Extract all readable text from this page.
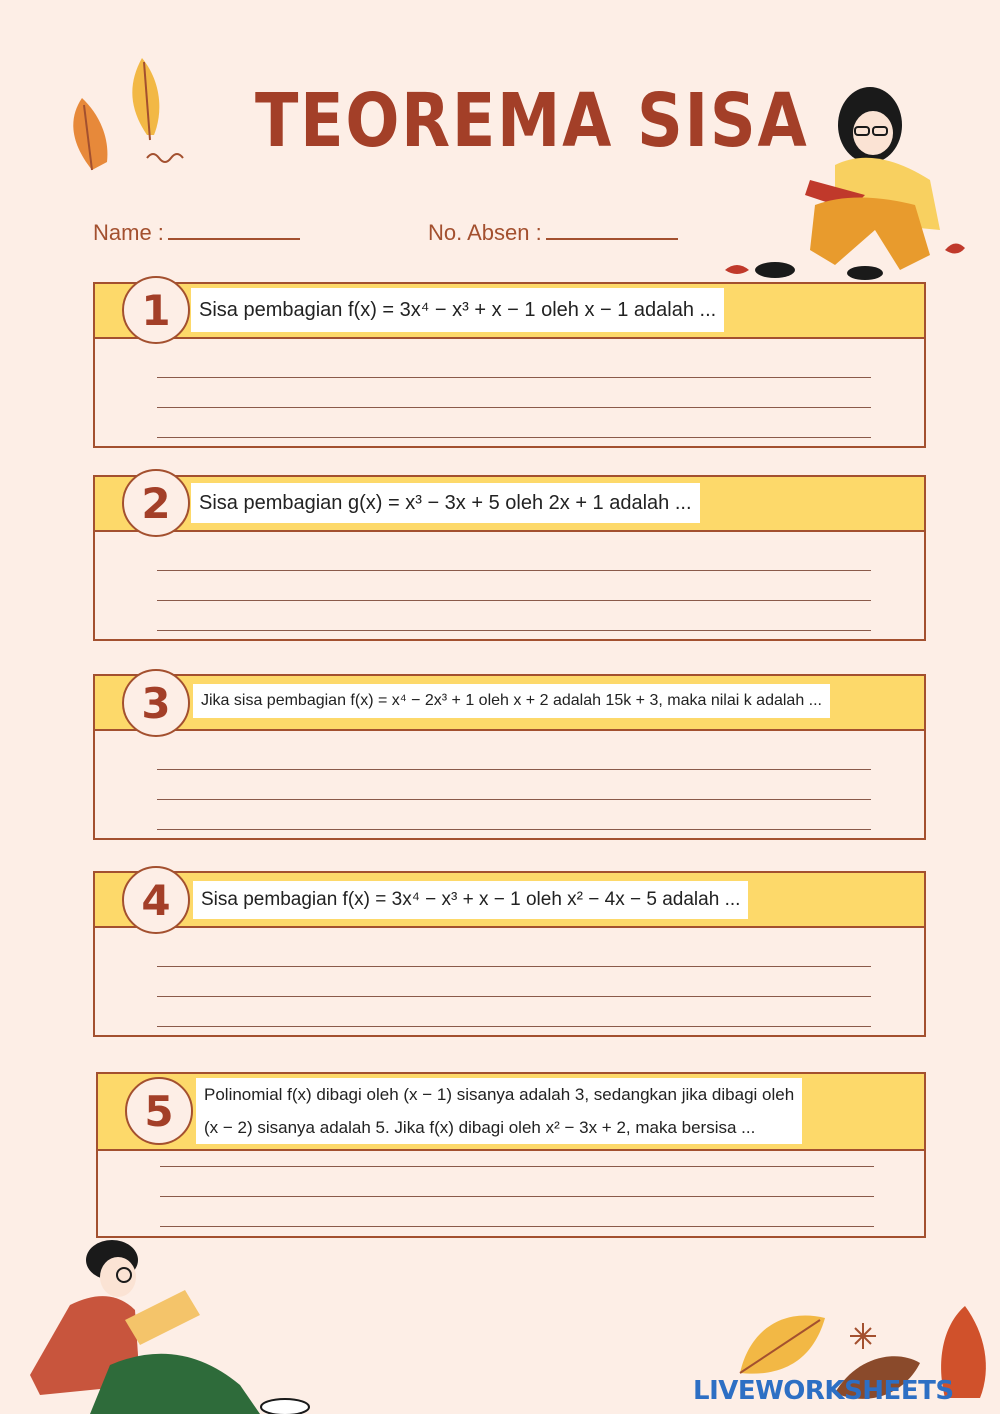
TEOREMA SISA
Name :	No. Absen :
Sisa pembagian f(x) = 3x⁴ − x³ + x − 1 oleh x − 1 adalah ...
1
Sisa pembagian g(x) = x³ − 3x + 5 oleh 2x + 1 adalah ...
2
Jika sisa pembagian f(x) = x⁴ − 2x³ + 1 oleh x + 2 adalah 15k + 3, maka nilai k adalah ...
3
Sisa pembagian f(x) = 3x⁴ − x³ + x − 1 oleh x² − 4x − 5 adalah ...
4
Polinomial f(x) dibagi oleh (x − 1) sisanya adalah 3, sedangkan jika dibagi oleh
(x − 2) sisanya adalah 5. Jika f(x) dibagi oleh x² − 3x + 2, maka bersisa ...
5
LIVEWORKSHEETS
